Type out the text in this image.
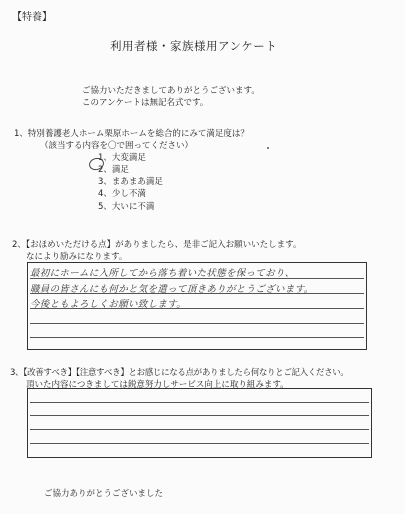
【特養】
利用者様・家族様用アンケート
ご協力いただきましてありがとうございます。
このアンケートは無記名式です。
1、特別養護老人ホーム栗原ホームを総合的にみて満足度は？
（該当する内容を〇で囲ってください）
1、大変満足
2、満足
3、まあまあ満足
4、少し不満
5、大いに不満
2、【おほめいただける点】がありましたら、是非ご記入お願いいたします。
なにより励みになります。
最初にホームに入所してから落ち着いた状態を保っており、
職員の皆さんにも何かと気を遣って頂きありがとうございます。
今後ともよろしくお願い致します。
3、【改善すべき】【注意すべき】とお感じになる点がありましたら何なりとご記入ください。
頂いた内容につきましては鋭意努力しサービス向上に取り組みます。
ご協力ありがとうございました
